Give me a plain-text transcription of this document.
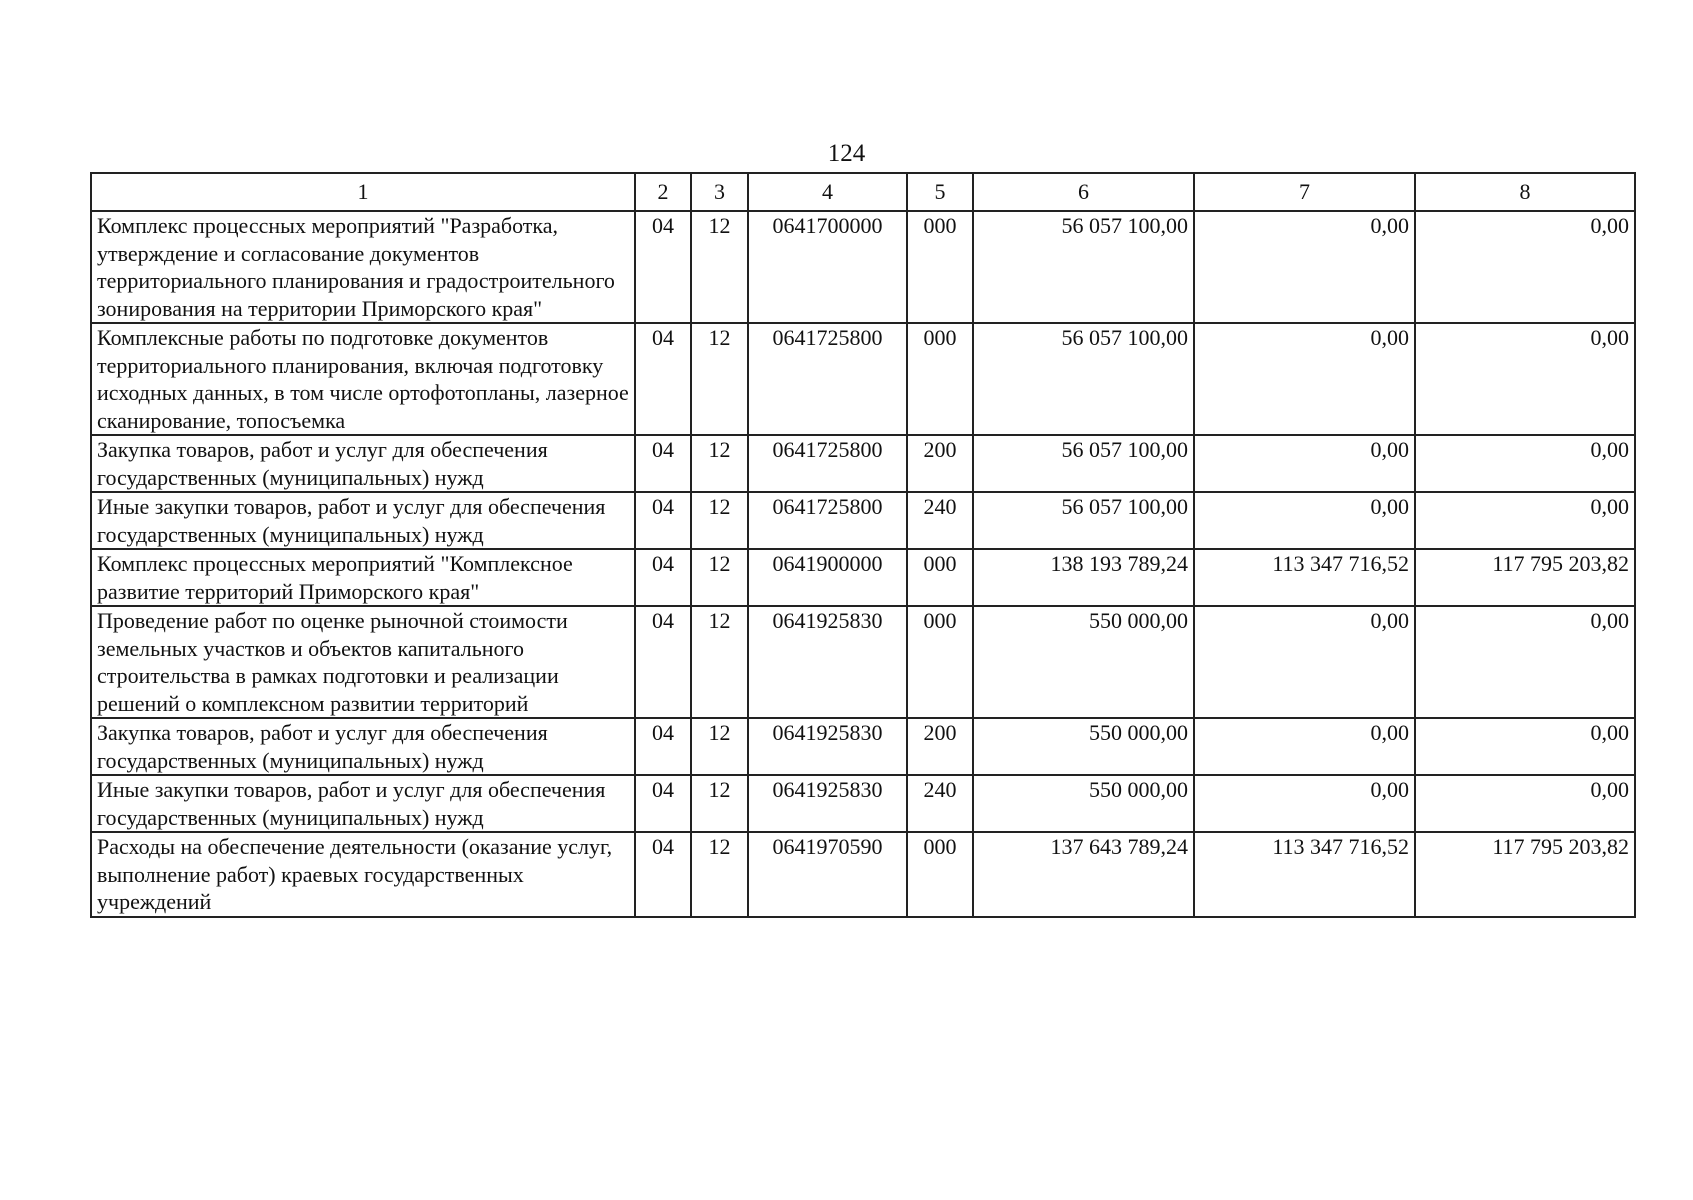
124
1	2	3	4	5	6	7	8
Комплекс процессных мероприятий "Разработка, утверждение и согласование документов территориального планирования и градостроительного зонирования на территории Приморского края"	04	12	0641700000	000	56 057 100,00	0,00	0,00
Комплексные работы по подготовке документов территориального планирования, включая подготовку исходных данных, в том числе ортофотопланы, лазерное сканирование, топосъемка	04	12	0641725800	000	56 057 100,00	0,00	0,00
Закупка товаров, работ и услуг для обеспечения государственных (муниципальных) нужд	04	12	0641725800	200	56 057 100,00	0,00	0,00
Иные закупки товаров, работ и услуг для обеспечения государственных (муниципальных) нужд	04	12	0641725800	240	56 057 100,00	0,00	0,00
Комплекс процессных мероприятий "Комплексное развитие территорий Приморского края"	04	12	0641900000	000	138 193 789,24	113 347 716,52	117 795 203,82
Проведение работ по оценке рыночной стоимости земельных участков и объектов капитального строительства в рамках подготовки и реализации решений о комплексном развитии территорий	04	12	0641925830	000	550 000,00	0,00	0,00
Закупка товаров, работ и услуг для обеспечения государственных (муниципальных) нужд	04	12	0641925830	200	550 000,00	0,00	0,00
Иные закупки товаров, работ и услуг для обеспечения государственных (муниципальных) нужд	04	12	0641925830	240	550 000,00	0,00	0,00
Расходы на обеспечение деятельности (оказание услуг, выполнение работ) краевых государственных учреждений	04	12	0641970590	000	137 643 789,24	113 347 716,52	117 795 203,82
